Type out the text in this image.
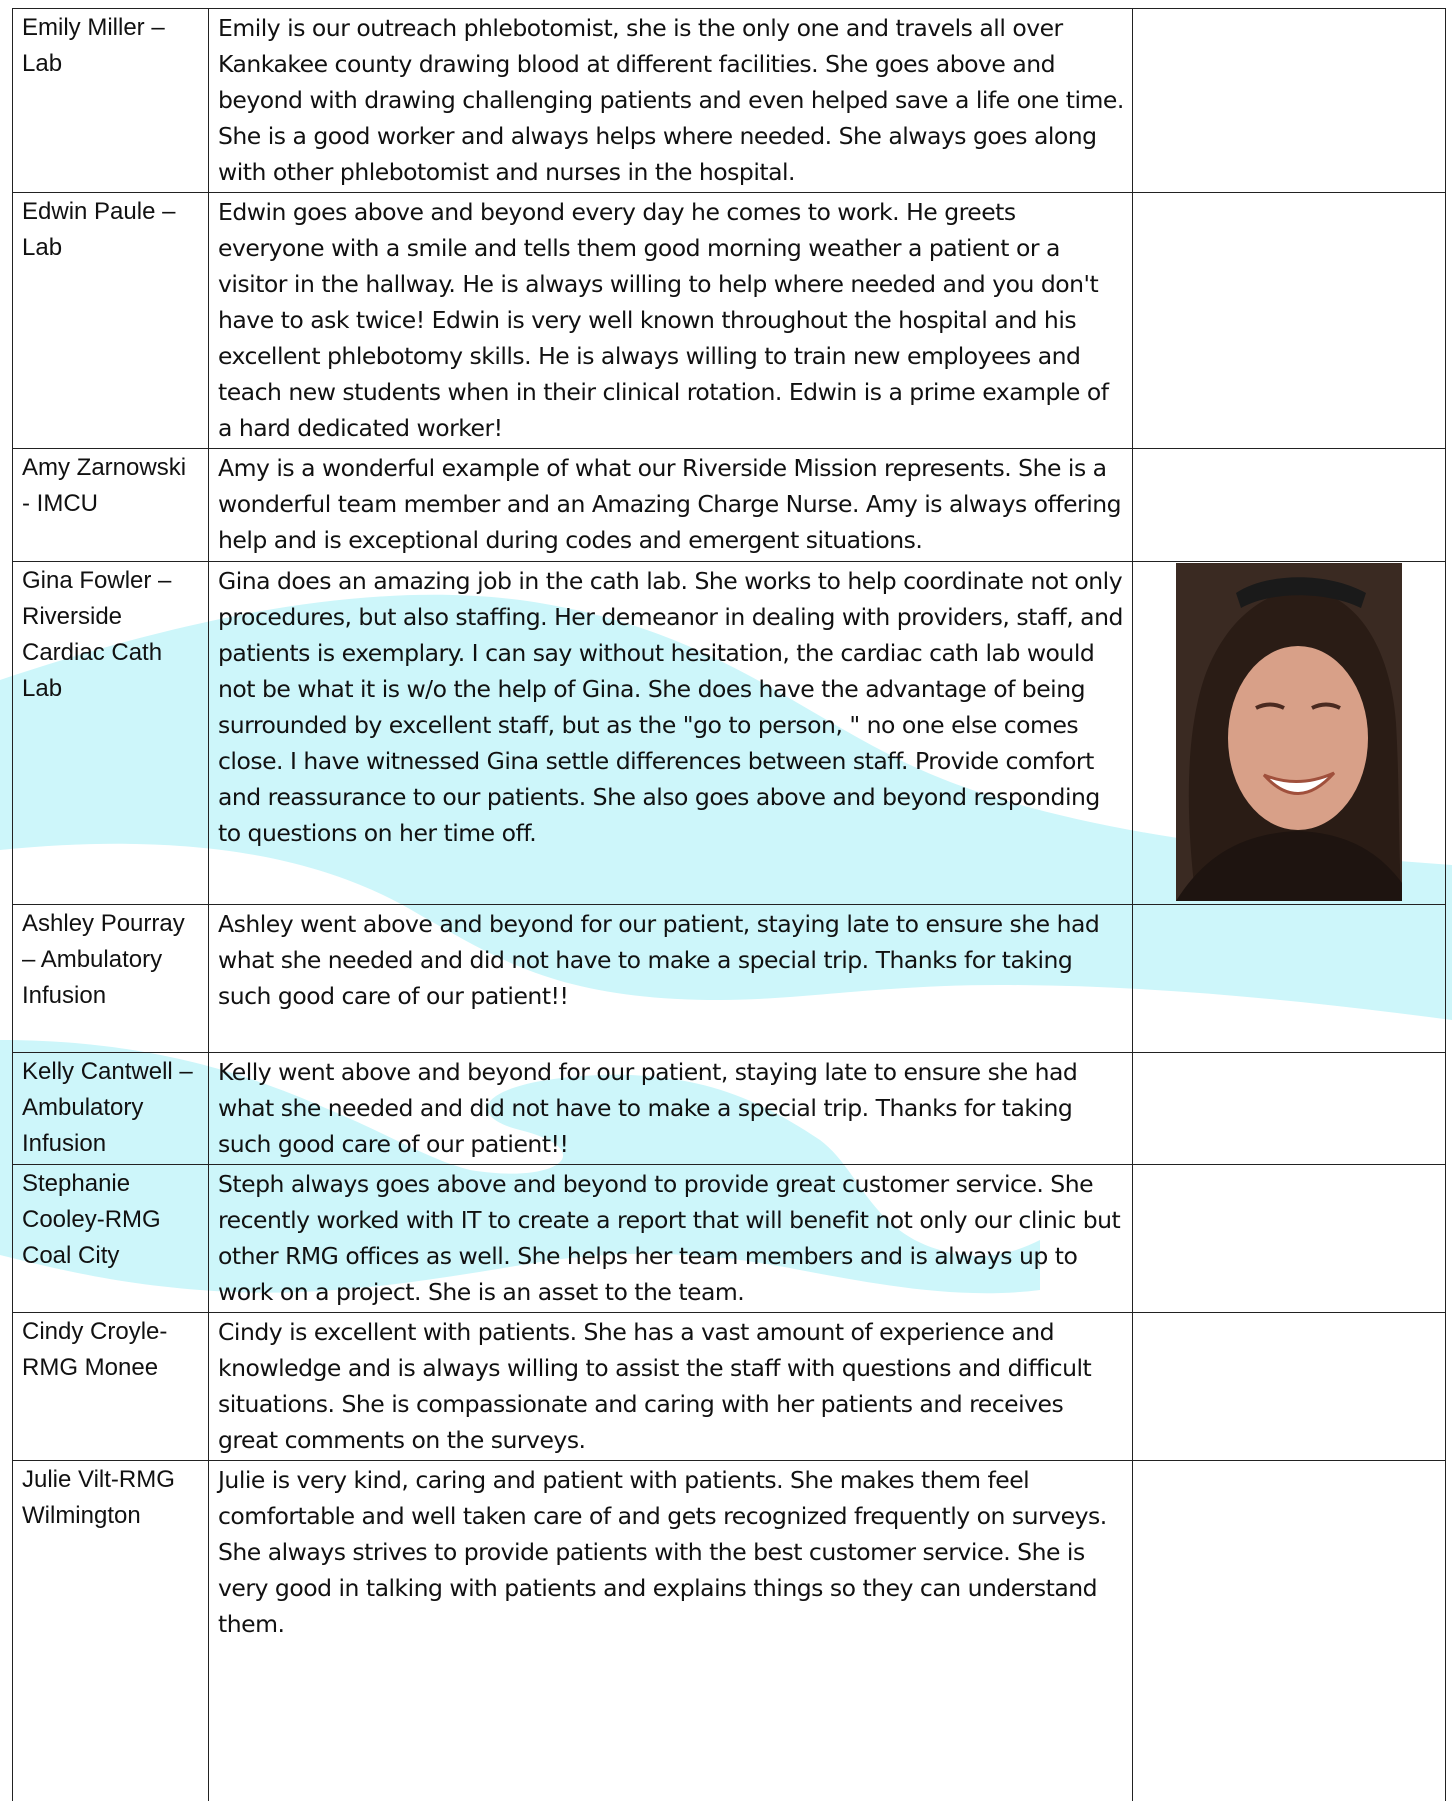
Emily Miller – Lab	Emily is our outreach phlebotomist, she is the only one and travels all over Kankakee county drawing blood at different facilities. She goes above and beyond with drawing challenging patients and even helped save a life one time. She is a good worker and always helps where needed. She always goes along with other phlebotomist and nurses in the hospital.	
Edwin Paule – Lab	Edwin goes above and beyond every day he comes to work. He greets everyone with a smile and tells them good morning weather a patient or a visitor in the hallway. He is always willing to help where needed and you don't have to ask twice! Edwin is very well known throughout the hospital and his excellent phlebotomy skills. He is always willing to train new employees and teach new students when in their clinical rotation. Edwin is a prime example of a hard dedicated worker!	
Amy Zarnowski - IMCU	Amy is a wonderful example of what our Riverside Mission represents. She is a wonderful team member and an Amazing Charge Nurse. Amy is always offering help and is exceptional during codes and emergent situations.	
Gina Fowler – Riverside Cardiac Cath Lab	Gina does an amazing job in the cath lab. She works to help coordinate not only procedures, but also staffing. Her demeanor in dealing with providers, staff, and patients is exemplary. I can say without hesitation, the cardiac cath lab would not be what it is w/o the help of Gina. She does have the advantage of being surrounded by excellent staff, but as the "go to person, " no one else comes close. I have witnessed Gina settle differences between staff. Provide comfort and reassurance to our patients. She also goes above and beyond responding to questions on her time off.	

Ashley Pourray – Ambulatory Infusion	Ashley went above and beyond for our patient, staying late to ensure she had what she needed and did not have to make a special trip. Thanks for taking such good care of our patient!!	
Kelly Cantwell – Ambulatory Infusion	Kelly went above and beyond for our patient, staying late to ensure she had what she needed and did not have to make a special trip. Thanks for taking such good care of our patient!!	
Stephanie Cooley-RMG Coal City	Steph always goes above and beyond to provide great customer service. She recently worked with IT to create a report that will benefit not only our clinic but other RMG offices as well. She helps her team members and is always up to work on a project. She is an asset to the team.	
Cindy Croyle-RMG Monee	Cindy is excellent with patients. She has a vast amount of experience and knowledge and is always willing to assist the staff with questions and difficult situations. She is compassionate and caring with her patients and receives great comments on the surveys.	
Julie Vilt-RMG Wilmington	Julie is very kind, caring and patient with patients. She makes them feel comfortable and well taken care of and gets recognized frequently on surveys. She always strives to provide patients with the best customer service. She is very good in talking with patients and explains things so they can understand them.	
